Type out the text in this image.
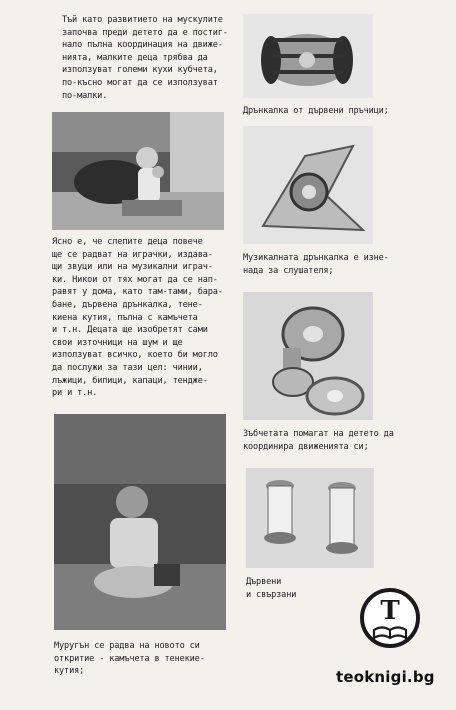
Тъй като развитието на мускулите
започва преди детето да е постиг-
нало пълна координация на движе-
нията, малките деца трябва да
използуват големи кухи кубчета,
по-късно могат да се използуват
по-малки.
Ясно е, че слепите деца повече
ще се радват на играчки, издава-
щи звуци или на музикални играч-
ки. Никои от тях могат да се нап-
равят у дома, като там-тами, бара-
бане, дървена дрънкалка, тене-
киена кутия, пълна с камъчета
и т.н. Децата ще изобретят сами
свои източници на шум и ще
използуват всичко, което би могло
да послужи за тази цел: чинии,
лъжици, бипици, капаци, тенджe-
ри и т.н.
Муругън се радва на новото си
откритие - камъчета в тенекие-
кутия;
Дрънкалка от дървени пръчици;
Музикалната дрънкалка е изне-
нада за слушателя;
Зъбчетата помагат на детето да
координира движенията си;
Дървени
и свързани
Т
teoknigi.bg
